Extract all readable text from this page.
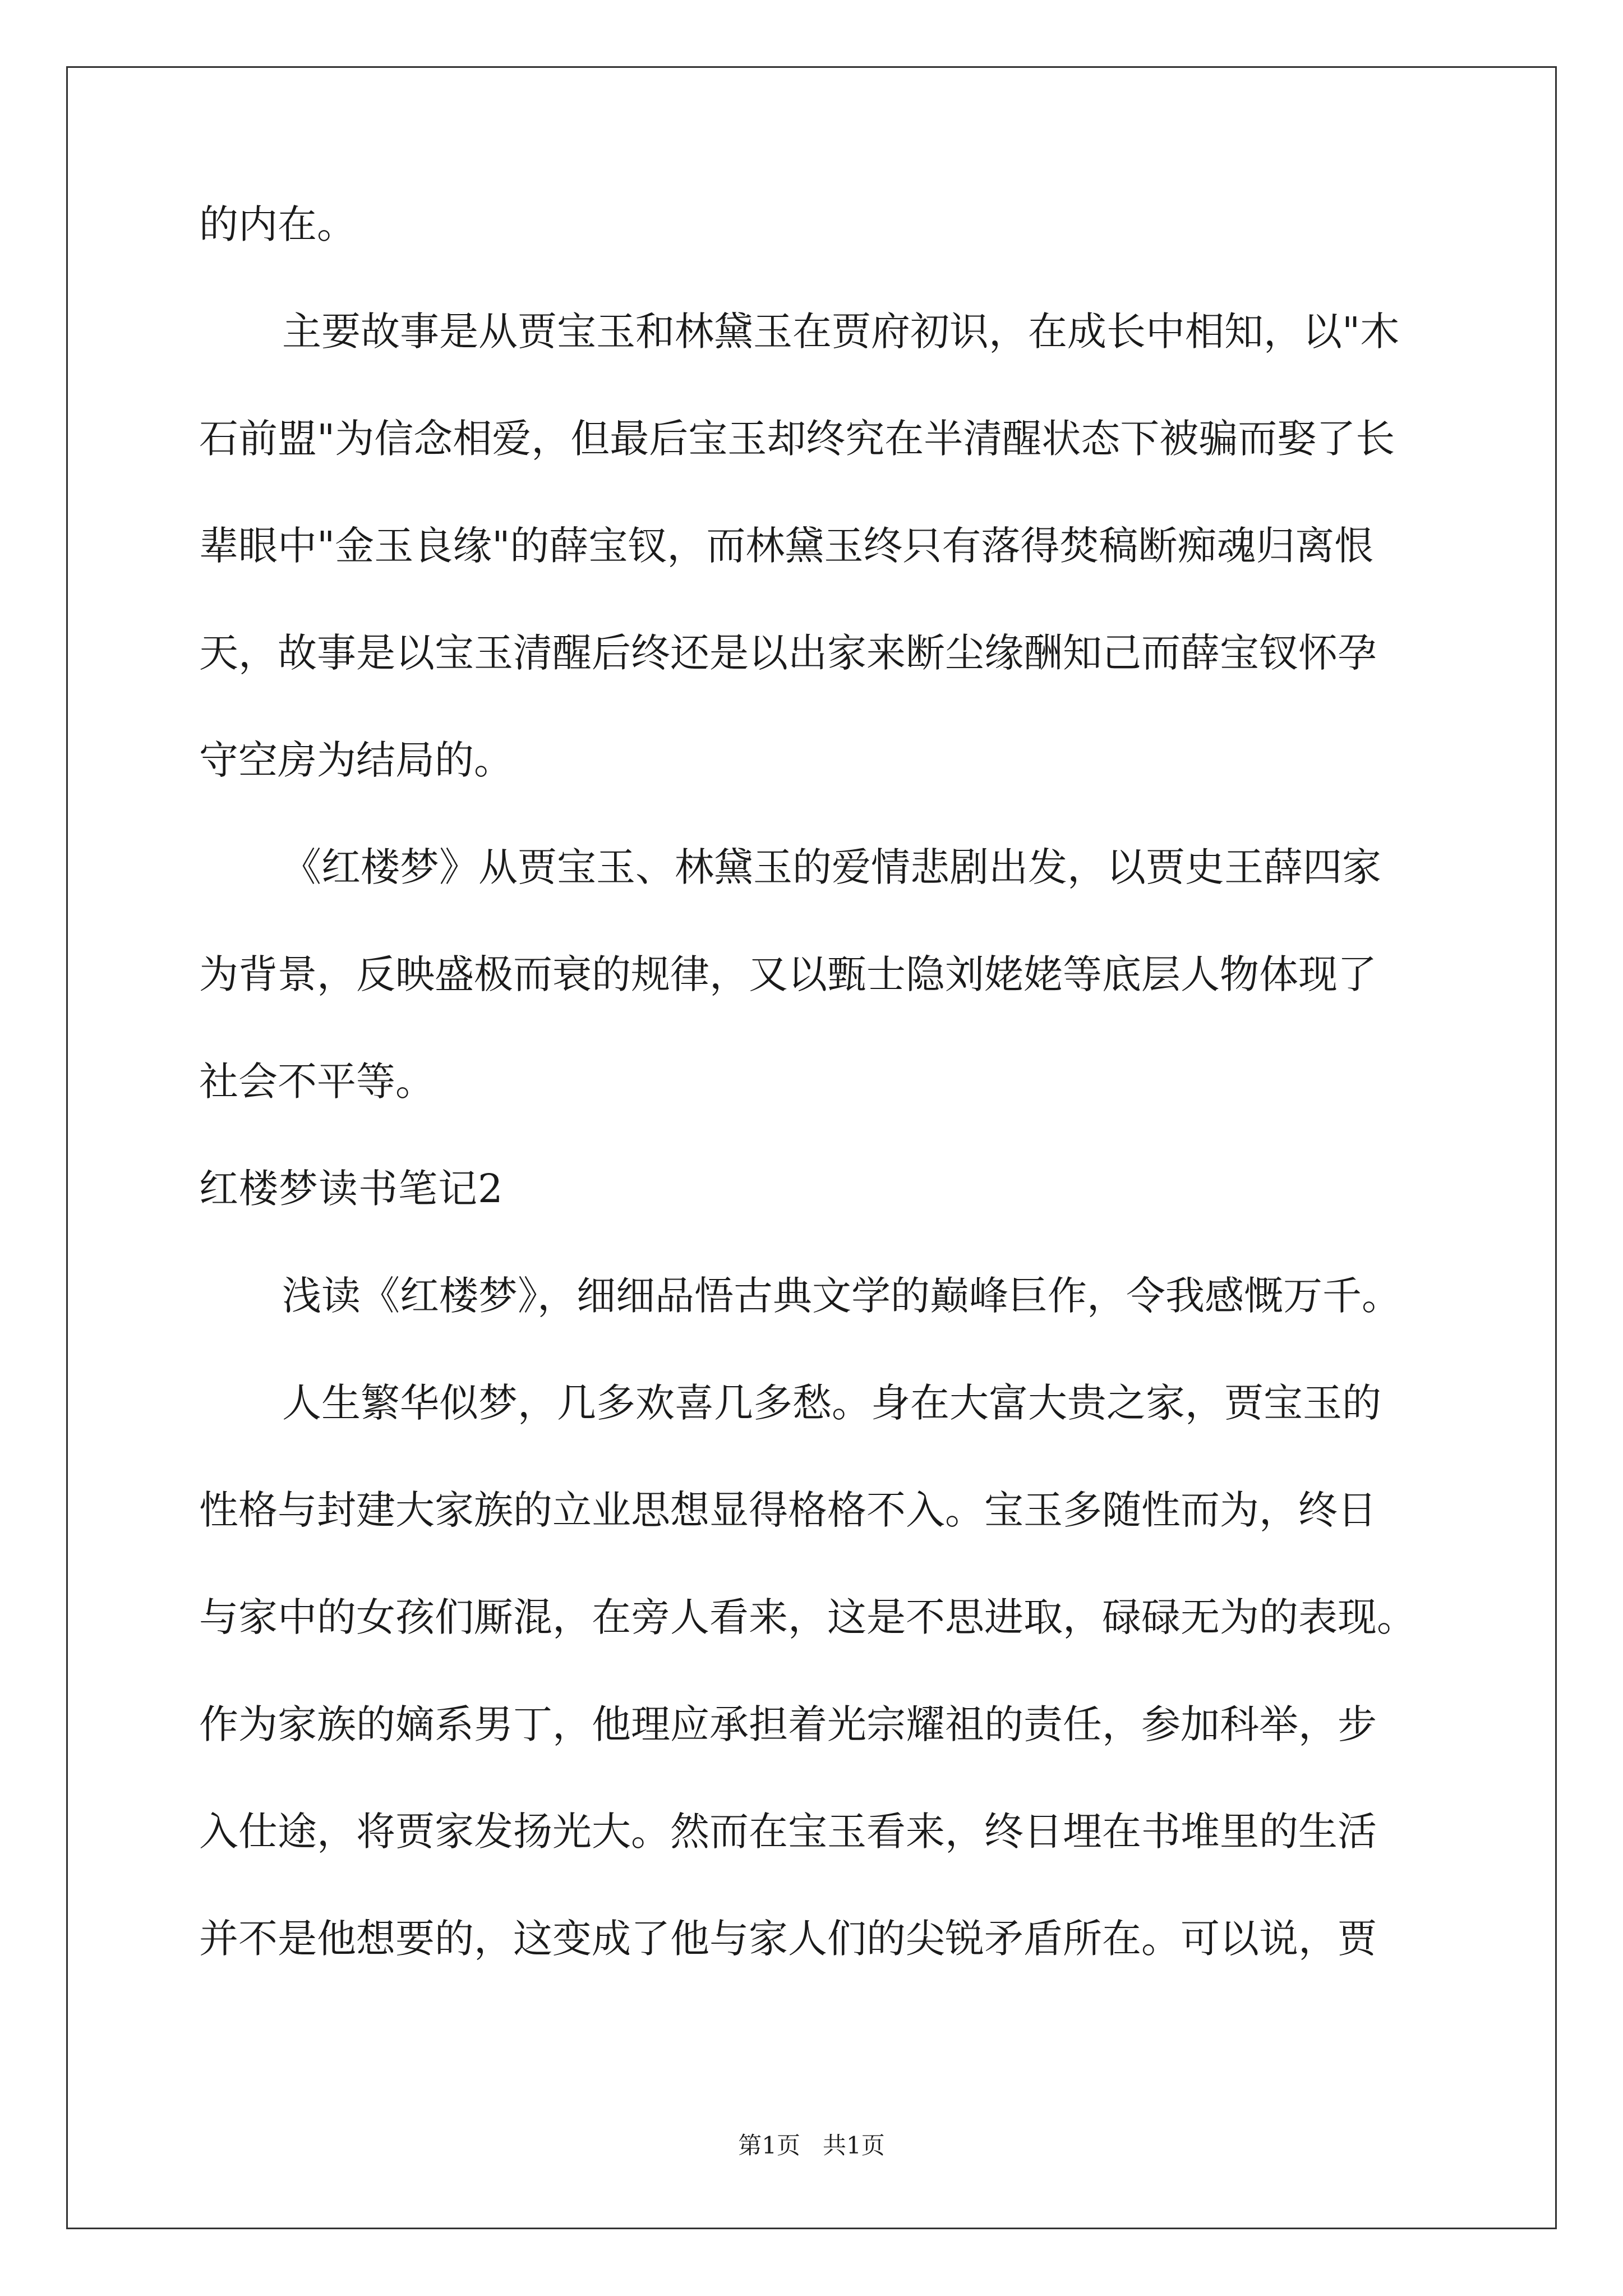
的内在。
主要故事是从贾宝玉和林黛玉在贾府初识，在成长中相知，以"木
石前盟"为信念相爱，但最后宝玉却终究在半清醒状态下被骗而娶了长
辈眼中"金玉良缘"的薛宝钗，而林黛玉终只有落得焚稿断痴魂归离恨
天，故事是以宝玉清醒后终还是以出家来断尘缘酬知己而薛宝钗怀孕
守空房为结局的。
《红楼梦》从贾宝玉、林黛玉的爱情悲剧出发，以贾史王薛四家
为背景，反映盛极而衰的规律，又以甄士隐刘姥姥等底层人物体现了
社会不平等。
红楼梦读书笔记2
浅读《红楼梦》，细细品悟古典文学的巅峰巨作，令我感慨万千。
人生繁华似梦，几多欢喜几多愁。身在大富大贵之家，贾宝玉的
性格与封建大家族的立业思想显得格格不入。宝玉多随性而为，终日
与家中的女孩们厮混，在旁人看来，这是不思进取，碌碌无为的表现。
作为家族的嫡系男丁，他理应承担着光宗耀祖的责任，参加科举，步
入仕途，将贾家发扬光大。然而在宝玉看来，终日埋在书堆里的生活
并不是他想要的，这变成了他与家人们的尖锐矛盾所在。可以说，贾
第1页 共1页
